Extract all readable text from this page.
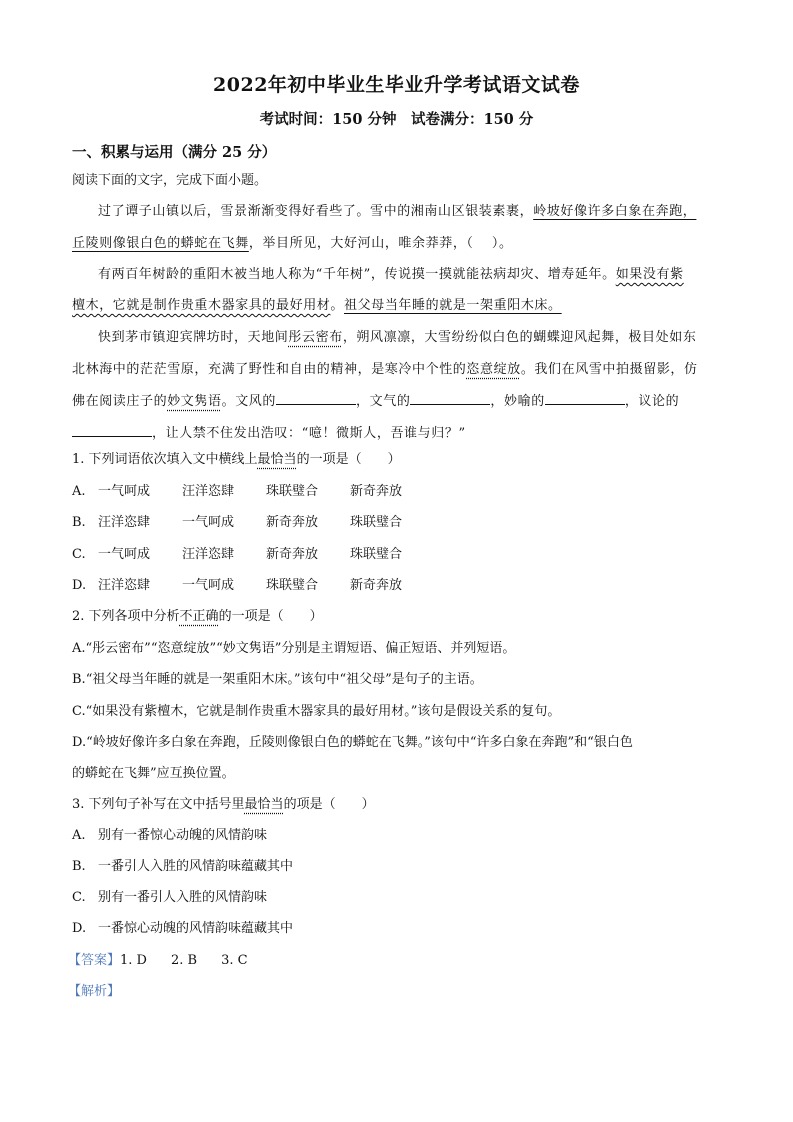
2022年初中毕业生毕业升学考试语文试卷
考试时间：150 分钟　试卷满分：150 分
一、积累与运用（满分 25 分）
阅读下面的文字，完成下面小题。
过了谭子山镇以后，雪景渐渐变得好看些了。雪中的湘南山区银装素裹，岭坡好像许多白象在奔跑，
丘陵则像银白色的蟒蛇在飞舞，举目所见，大好河山，唯余莽莽，（　 ）。
有两百年树龄的重阳木被当地人称为“千年树”，传说摸一摸就能祛病却灾、增寿延年。如果没有紫
檀木，它就是制作贵重木器家具的最好用材。祖父母当年睡的就是一架重阳木床。
快到茅市镇迎宾牌坊时，天地间彤云密布，朔风凛凛，大雪纷纷似白色的蝴蝶迎风起舞，极目处如东
北林海中的茫茫雪原，充满了野性和自由的精神，是寒冷中个性的恣意绽放。我们在风雪中拍摄留影，仿
佛在阅读庄子的妙文隽语。文风的	，文气的	，妙喻的	，议论的
，让人禁不住发出浩叹：“噫！微斯人，吾谁与归？”
1. 下列词语依次填入文中横线上最恰当的一项是（　　）
A. 一气呵成 汪洋恣肆 珠联璧合 新奇奔放
B. 汪洋恣肆 一气呵成 新奇奔放 珠联璧合
C. 一气呵成 汪洋恣肆 新奇奔放 珠联璧合
D. 汪洋恣肆 一气呵成 珠联璧合 新奇奔放
2. 下列各项中分析不正确的一项是（　　）
A.“彤云密布”“恣意绽放”“妙文隽语”分别是主谓短语、偏正短语、并列短语。
B.“祖父母当年睡的就是一架重阳木床。”该句中“祖父母”是句子的主语。
C.“如果没有紫檀木，它就是制作贵重木器家具的最好用材。”该句是假设关系的复句。
D.“岭坡好像许多白象在奔跑，丘陵则像银白色的蟒蛇在飞舞。”该句中“许多白象在奔跑”和“银白色
的蟒蛇在飞舞”应互换位置。
3. 下列句子补写在文中括号里最恰当的项是（　　）
A. 别有一番惊心动魄的风情韵味
B. 一番引人入胜的风情韵味蕴藏其中
C. 别有一番引人入胜的风情韵味
D. 一番惊心动魄的风情韵味蕴藏其中
【答案】1. D 2. B 3. C
【解析】
